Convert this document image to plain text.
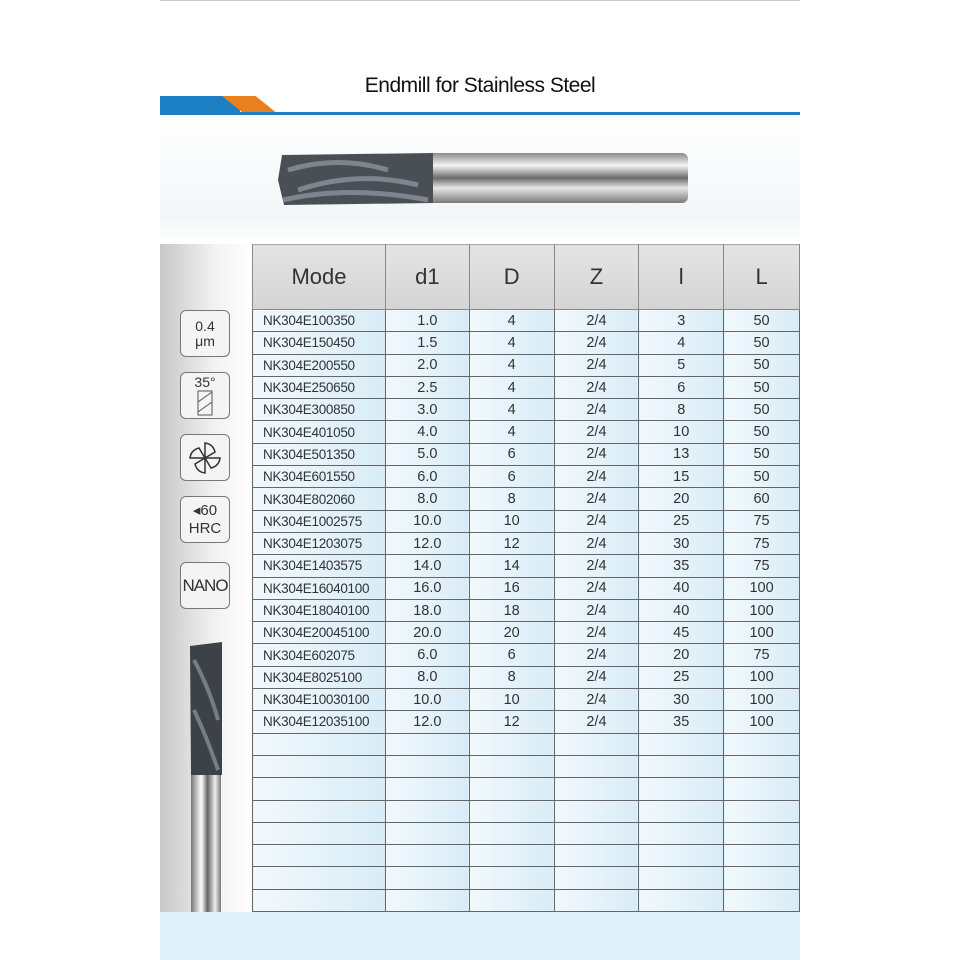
Endmill for Stainless Steel
0.4
μm
35°
◂60
HRC
NANO
Mode	d1	D	Z	l	L
NK304E100350	1.0	4	2/4	3	50
NK304E150450	1.5	4	2/4	4	50
NK304E200550	2.0	4	2/4	5	50
NK304E250650	2.5	4	2/4	6	50
NK304E300850	3.0	4	2/4	8	50
NK304E401050	4.0	4	2/4	10	50
NK304E501350	5.0	6	2/4	13	50
NK304E601550	6.0	6	2/4	15	50
NK304E802060	8.0	8	2/4	20	60
NK304E1002575	10.0	10	2/4	25	75
NK304E1203075	12.0	12	2/4	30	75
NK304E1403575	14.0	14	2/4	35	75
NK304E16040100	16.0	16	2/4	40	100
NK304E18040100	18.0	18	2/4	40	100
NK304E20045100	20.0	20	2/4	45	100
NK304E602075	6.0	6	2/4	20	75
NK304E8025100	8.0	8	2/4	25	100
NK304E10030100	10.0	10	2/4	30	100
NK304E12035100	12.0	12	2/4	35	100
